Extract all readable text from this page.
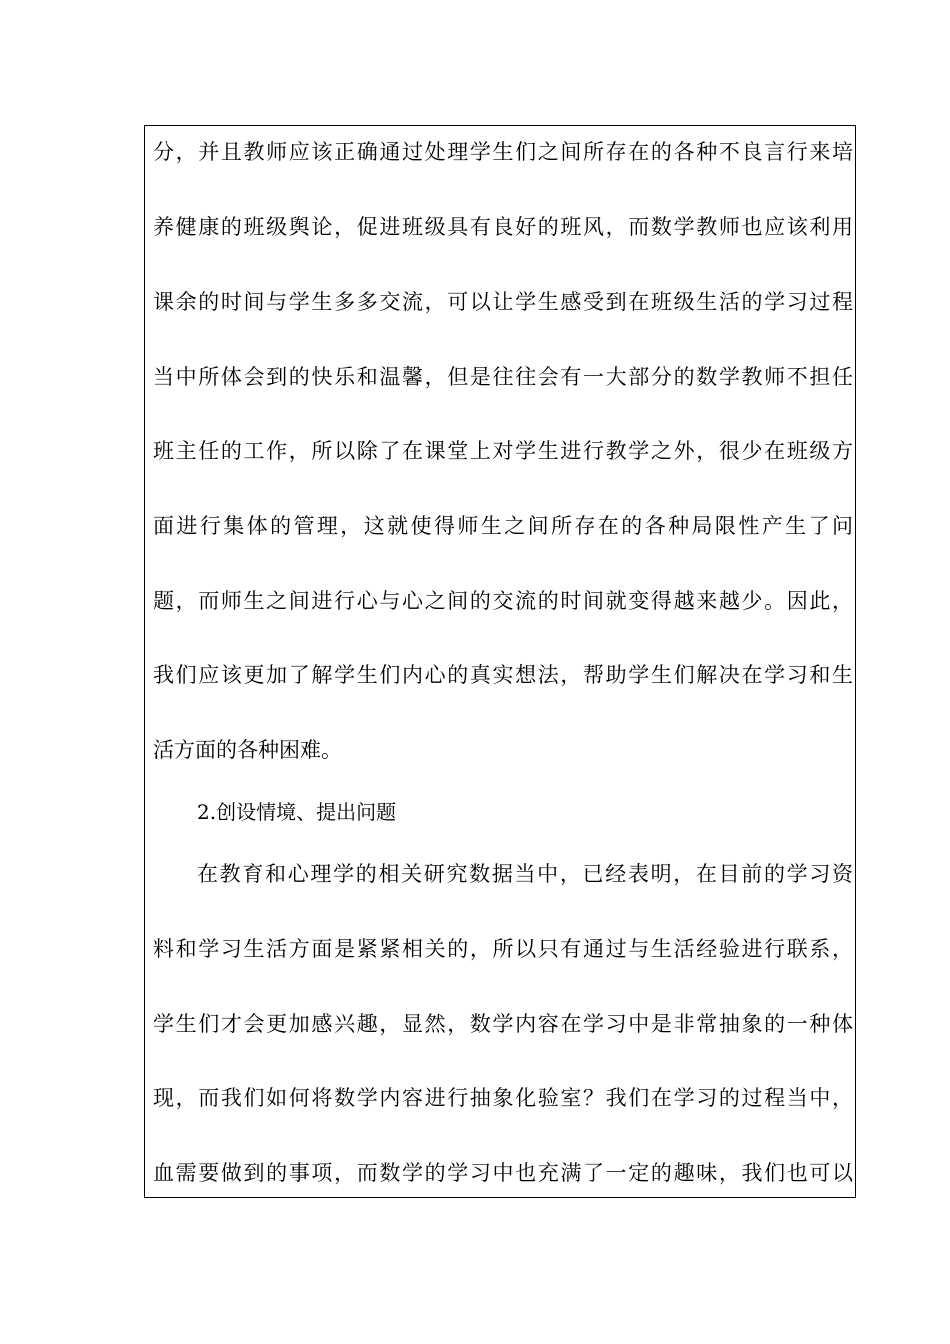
分，并且教师应该正确通过处理学生们之间所存在的各种不良言行来培
养健康的班级舆论，促进班级具有良好的班风，而数学教师也应该利用
课余的时间与学生多多交流，可以让学生感受到在班级生活的学习过程
当中所体会到的快乐和温馨，但是往往会有一大部分的数学教师不担任
班主任的工作，所以除了在课堂上对学生进行教学之外，很少在班级方
面进行集体的管理，这就使得师生之间所存在的各种局限性产生了问
题，而师生之间进行心与心之间的交流的时间就变得越来越少。因此，
我们应该更加了解学生们内心的真实想法，帮助学生们解决在学习和生
活方面的各种困难。
2.创设情境、提出问题
在教育和心理学的相关研究数据当中，已经表明，在目前的学习资
料和学习生活方面是紧紧相关的，所以只有通过与生活经验进行联系，
学生们才会更加感兴趣，显然，数学内容在学习中是非常抽象的一种体
现，而我们如何将数学内容进行抽象化验室？我们在学习的过程当中，
血需要做到的事项，而数学的学习中也充满了一定的趣味，我们也可以
